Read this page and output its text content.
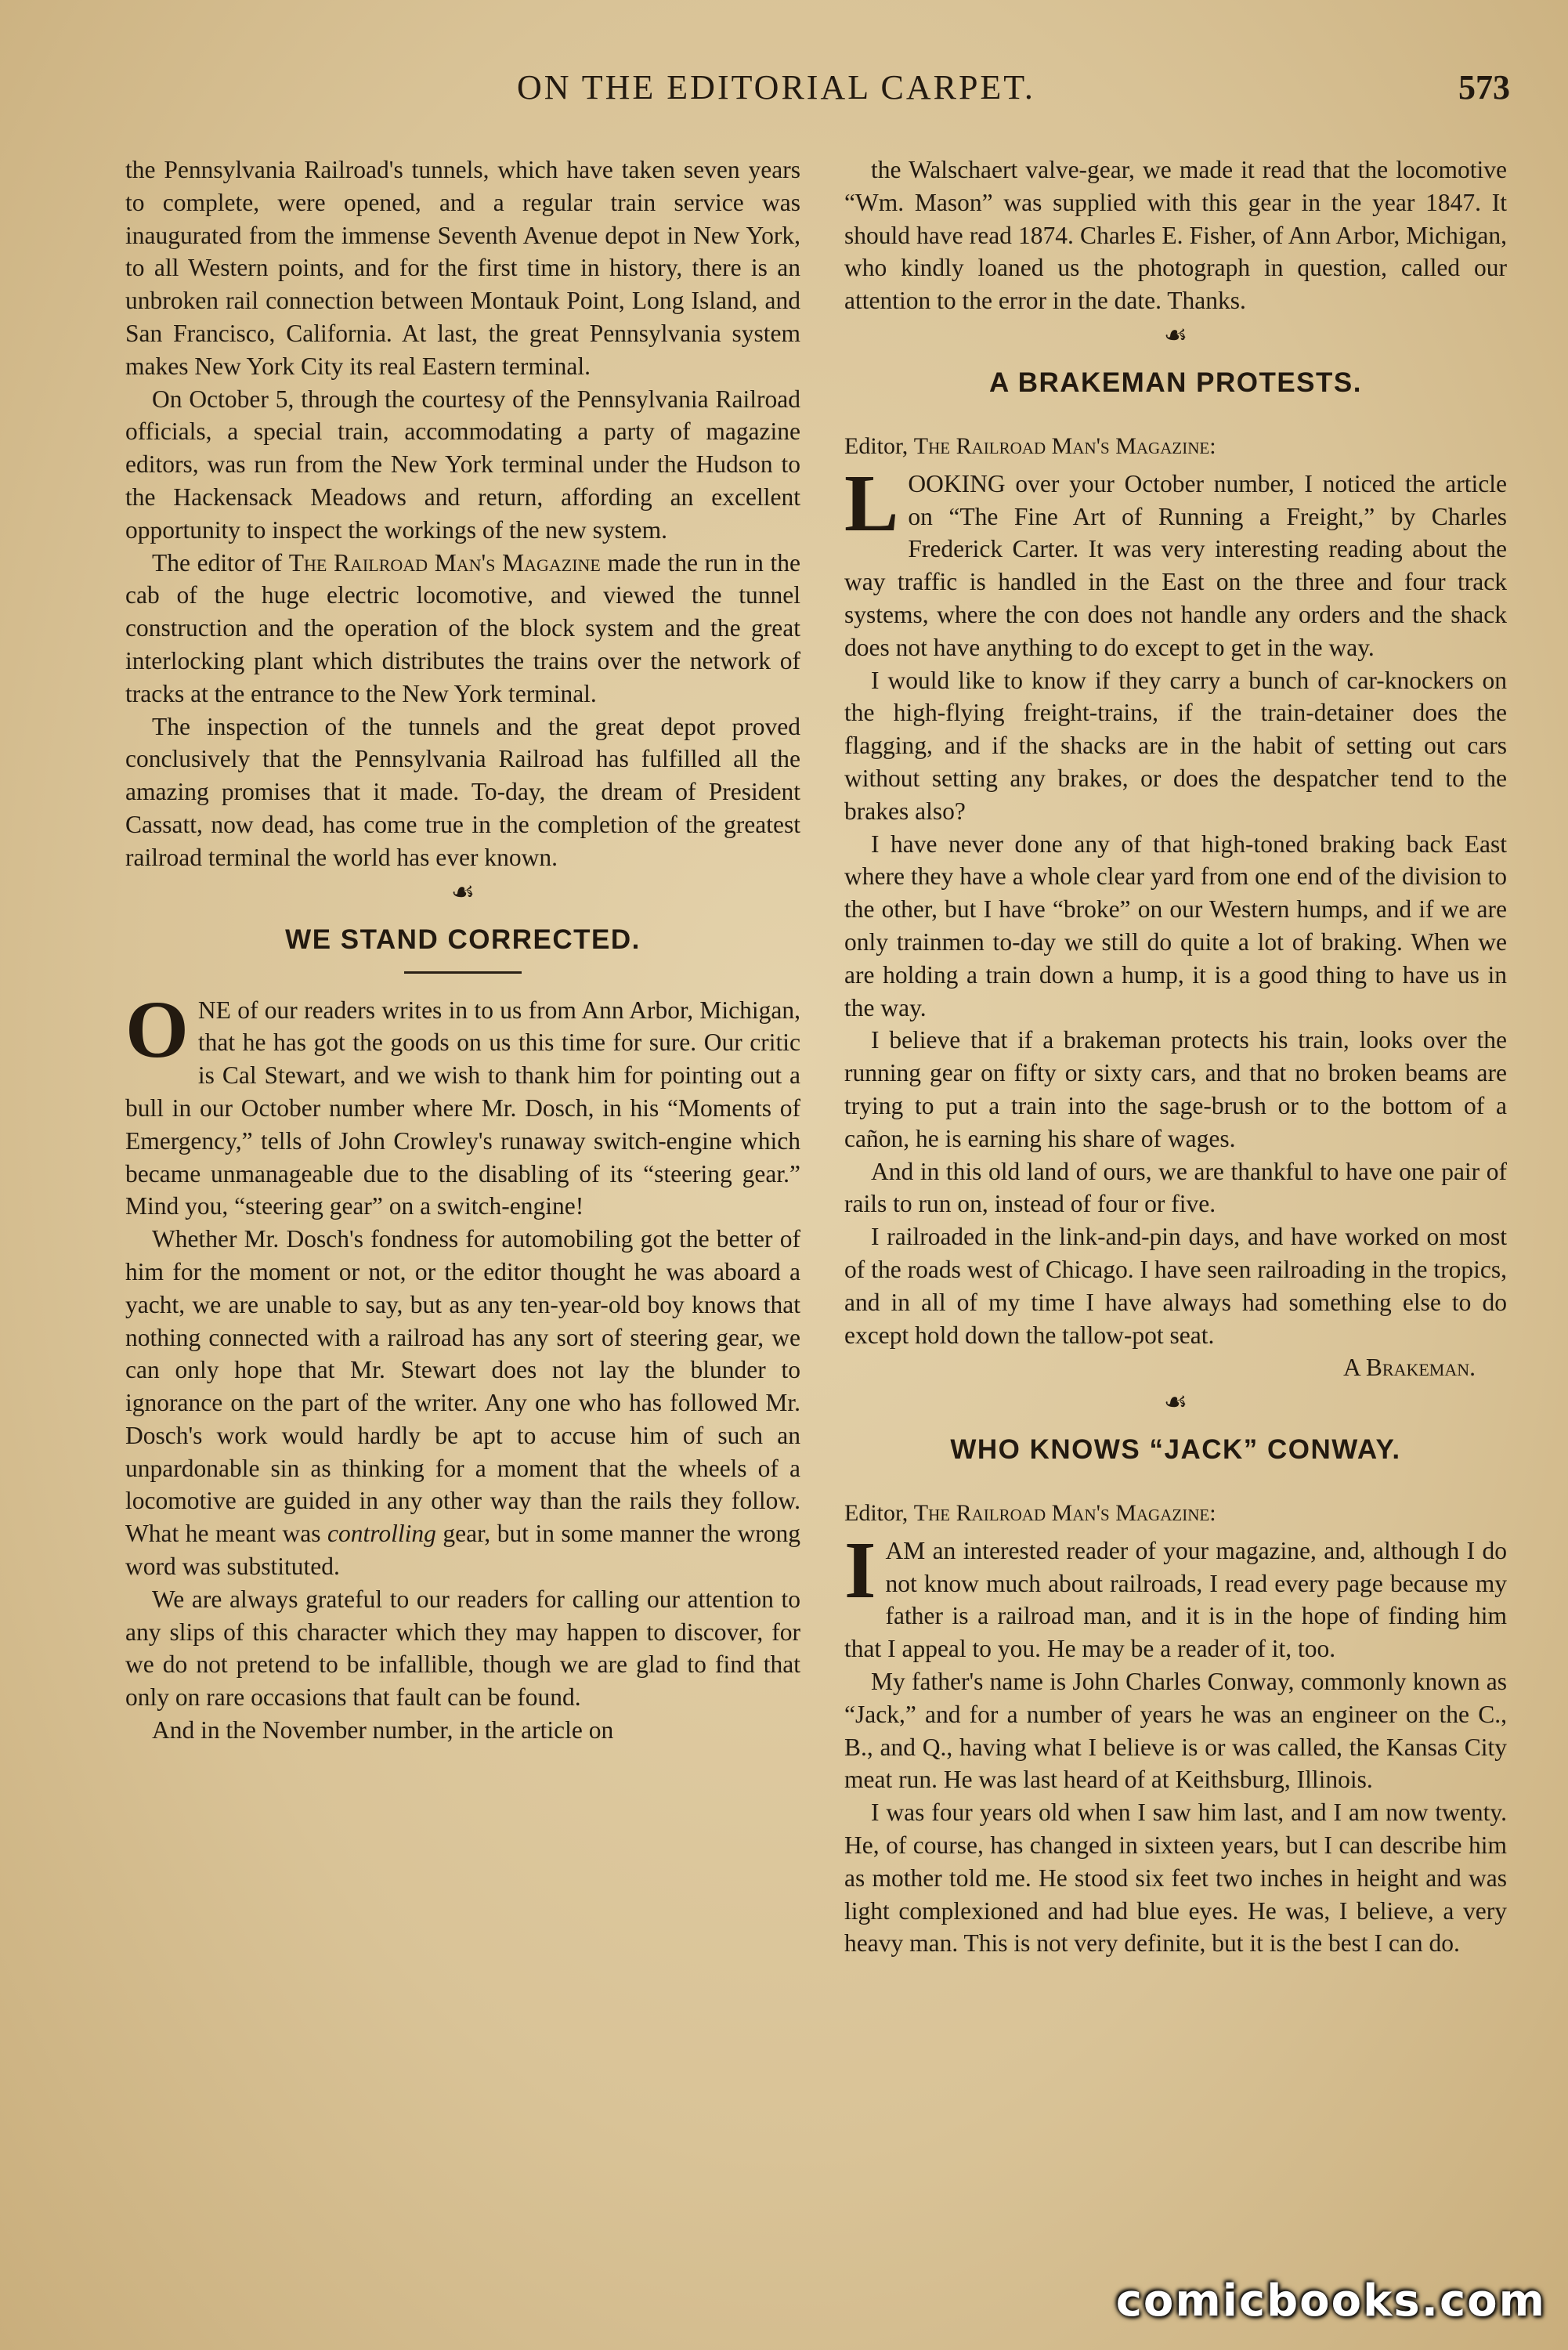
ON THE EDITORIAL CARPET.	573

the Pennsylvania Railroad's tunnels, which have taken seven years to complete, were opened, and a regular train service was inaugurated from the immense Seventh Avenue depot in New York, to all Western points, and for the first time in history, there is an unbroken rail connection between Montauk Point, Long Island, and San Francisco, California. At last, the great Pennsylvania system makes New York City its real Eastern terminal.

On October 5, through the courtesy of the Pennsylvania Railroad officials, a special train, accommodating a party of magazine editors, was run from the New York terminal under the Hudson to the Hackensack Meadows and return, affording an excellent opportunity to inspect the workings of the new system.

The editor of The Railroad Man's Magazine made the run in the cab of the huge electric locomotive, and viewed the tunnel construction and the operation of the block system and the great interlocking plant which distributes the trains over the network of tracks at the entrance to the New York terminal.

The inspection of the tunnels and the great depot proved conclusively that the Pennsylvania Railroad has fulfilled all the amazing promises that it made. To-day, the dream of President Cassatt, now dead, has come true in the completion of the greatest railroad terminal the world has ever known.

☙
WE STAND CORRECTED.

ONE of our readers writes in to us from Ann Arbor, Michigan, that he has got the goods on us this time for sure. Our critic is Cal Stewart, and we wish to thank him for pointing out a bull in our October number where Mr. Dosch, in his “Moments of Emergency,” tells of John Crowley's runaway switch-engine which became unmanageable due to the disabling of its “steering gear.” Mind you, “steering gear” on a switch-engine!

Whether Mr. Dosch's fondness for automobiling got the better of him for the moment or not, or the editor thought he was aboard a yacht, we are unable to say, but as any ten-year-old boy knows that nothing connected with a railroad has any sort of steering gear, we can only hope that Mr. Stewart does not lay the blunder to ignorance on the part of the writer. Any one who has followed Mr. Dosch's work would hardly be apt to accuse him of such an unpardonable sin as thinking for a moment that the wheels of a locomotive are guided in any other way than the rails they follow. What he meant was controlling gear, but in some manner the wrong word was substituted.

We are always grateful to our readers for calling our attention to any slips of this character which they may happen to discover, for we do not pretend to be infallible, though we are glad to find that only on rare occasions that fault can be found.

And in the November number, in the article on

the Walschaert valve-gear, we made it read that the locomotive “Wm. Mason” was supplied with this gear in the year 1847. It should have read 1874. Charles E. Fisher, of Ann Arbor, Michigan, who kindly loaned us the photograph in question, called our attention to the error in the date. Thanks.

☙
A BRAKEMAN PROTESTS.
Editor, The Railroad Man's Magazine:

LOOKING over your October number, I noticed the article on “The Fine Art of Running a Freight,” by Charles Frederick Carter. It was very interesting reading about the way traffic is handled in the East on the three and four track systems, where the con does not handle any orders and the shack does not have anything to do except to get in the way.

I would like to know if they carry a bunch of car-knockers on the high-flying freight-trains, if the train-detainer does the flagging, and if the shacks are in the habit of setting out cars without setting any brakes, or does the despatcher tend to the brakes also?

I have never done any of that high-toned braking back East where they have a whole clear yard from one end of the division to the other, but I have “broke” on our Western humps, and if we are only trainmen to-day we still do quite a lot of braking. When we are holding a train down a hump, it is a good thing to have us in the way.

I believe that if a brakeman protects his train, looks over the running gear on fifty or sixty cars, and that no broken beams are trying to put a train into the sage-brush or to the bottom of a cañon, he is earning his share of wages.

And in this old land of ours, we are thankful to have one pair of rails to run on, instead of four or five.

I railroaded in the link-and-pin days, and have worked on most of the roads west of Chicago. I have seen railroading in the tropics, and in all of my time I have always had something else to do except hold down the tallow-pot seat.

A Brakeman.
☙
WHO KNOWS “JACK” CONWAY.
Editor, The Railroad Man's Magazine:

IAM an interested reader of your magazine, and, although I do not know much about railroads, I read every page because my father is a railroad man, and it is in the hope of finding him that I appeal to you. He may be a reader of it, too.

My father's name is John Charles Conway, commonly known as “Jack,” and for a number of years he was an engineer on the C., B., and Q., having what I believe is or was called, the Kansas City meat run. He was last heard of at Keithsburg, Illinois.

I was four years old when I saw him last, and I am now twenty. He, of course, has changed in sixteen years, but I can describe him as mother told me. He stood six feet two inches in height and was light complexioned and had blue eyes. He was, I believe, a very heavy man. This is not very definite, but it is the best I can do.

comicbooks.com
